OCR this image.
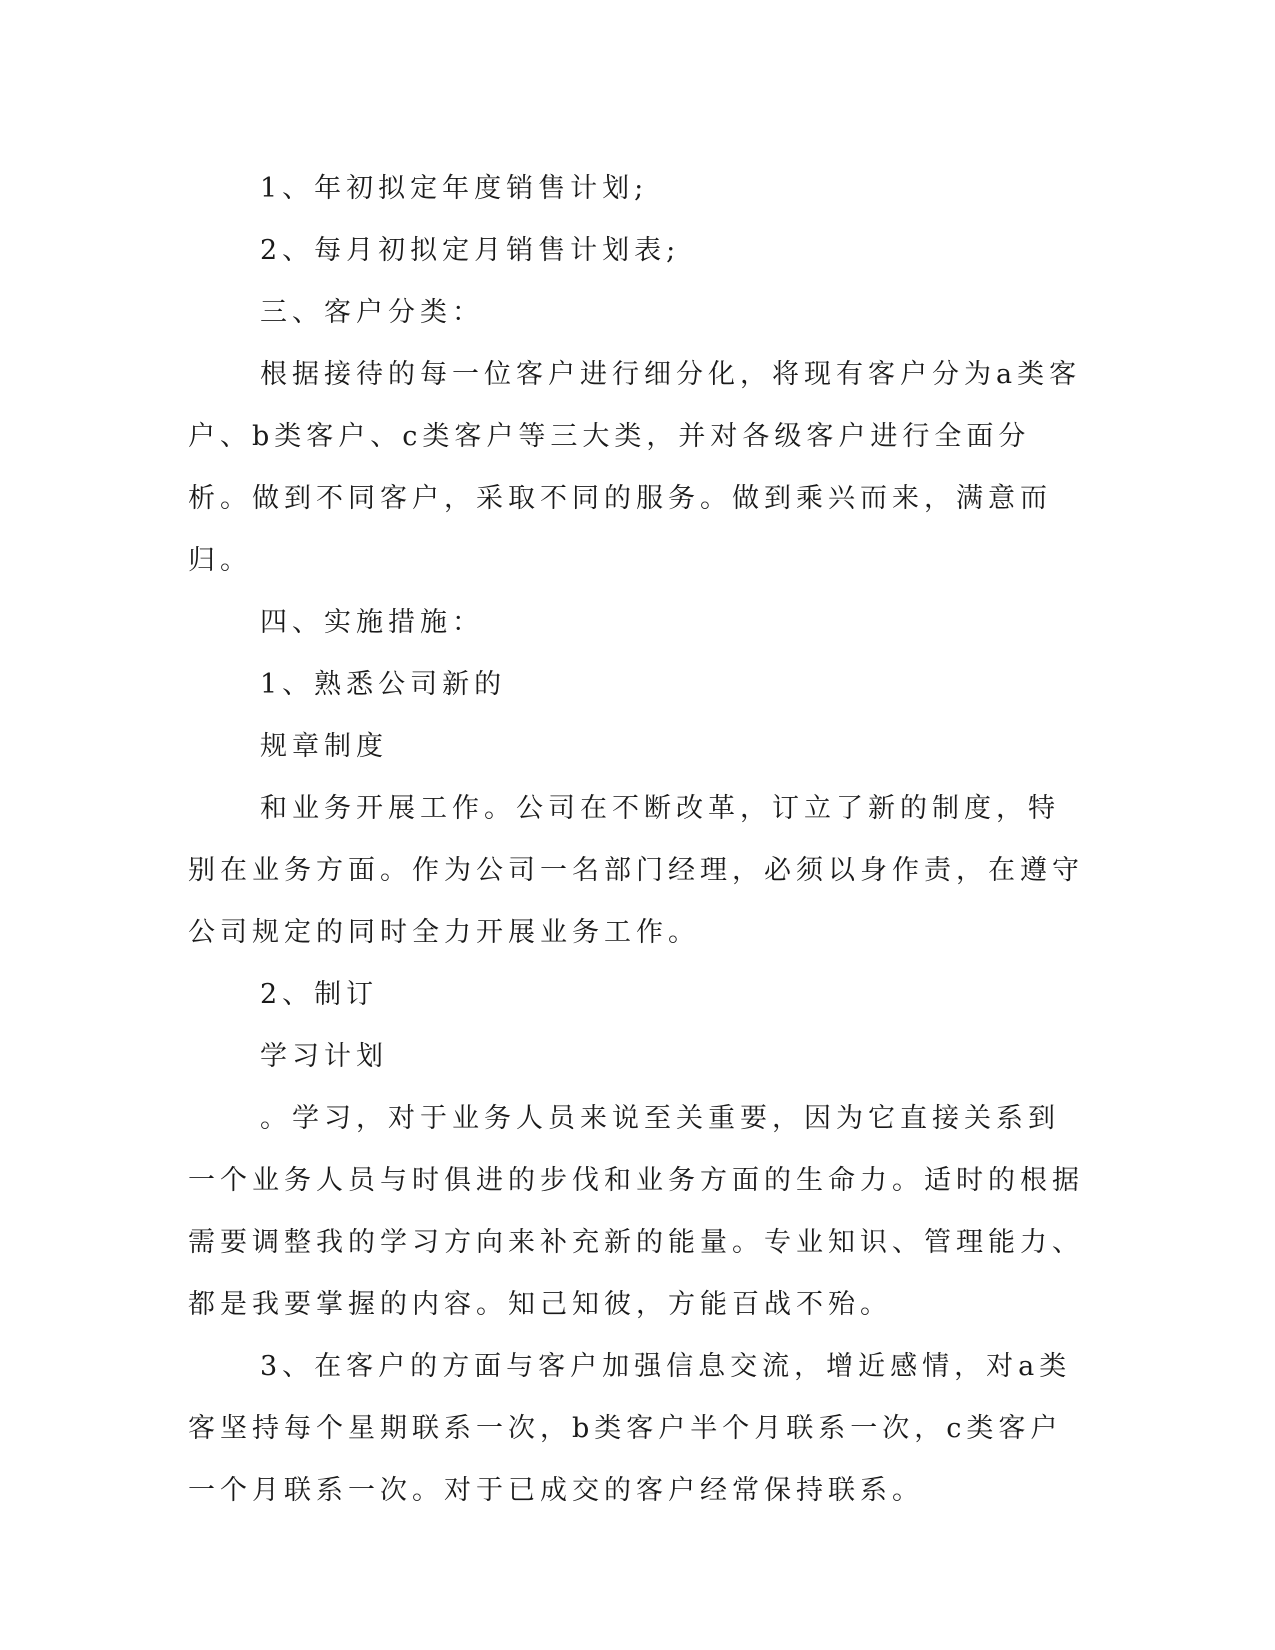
1、年初拟定年度销售计划;

2、每月初拟定月销售计划表;

三、客户分类：

根据接待的每一位客户进行细分化，将现有客户分为a类客户、b类客户、c类客户等三大类，并对各级客户进行全面分析。做到不同客户，采取不同的服务。做到乘兴而来，满意而归。

四、实施措施：

1、熟悉公司新的

规章制度

和业务开展工作。公司在不断改革，订立了新的制度，特别在业务方面。作为公司一名部门经理，必须以身作责，在遵守公司规定的同时全力开展业务工作。

2、制订

学习计划

。学习，对于业务人员来说至关重要，因为它直接关系到一个业务人员与时俱进的步伐和业务方面的生命力。适时的根据需要调整我的学习方向来补充新的能量。专业知识、管理能力、都是我要掌握的内容。知己知彼，方能百战不殆。

3、在客户的方面与客户加强信息交流，增近感情，对a类客坚持每个星期联系一次，b类客户半个月联系一次，c类客户一个月联系一次。对于已成交的客户经常保持联系。
